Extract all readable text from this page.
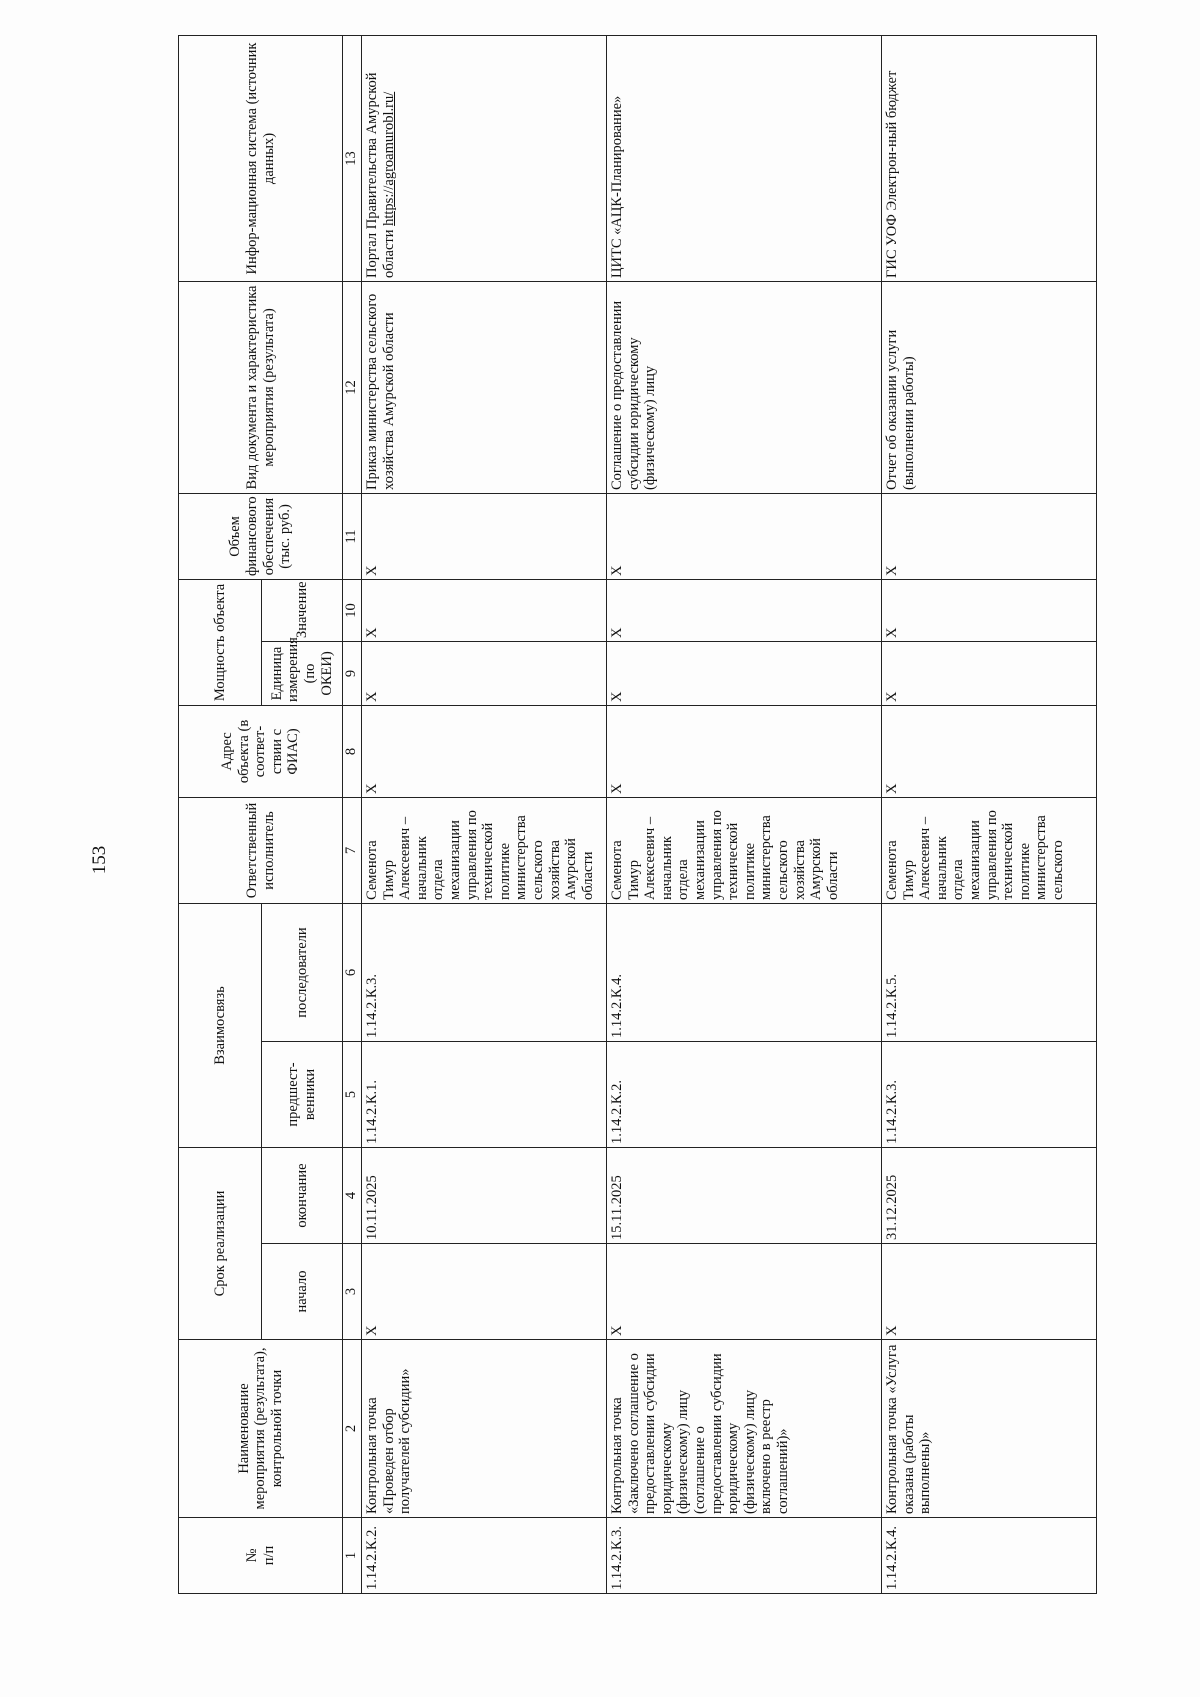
153
№
п/п	Наименование мероприятия (результата), контрольной точки	Срок реализации		Взаимосвязь		Ответственный исполнитель	Адрес объекта (в соответ-ствии с ФИАС)	Мощность объекта		Объем финансового обеспечения (тыс. руб.)	Вид документа и характеристика мероприятия (результата)	Инфор-мационная система (источник данных)
		начало	окончание	предшест-венники	последователи			Единица измерения (по ОКЕИ)	Значение			
1	2	3	4	5	6	7	8	9	10	11	12	13
1.14.2.К.2.	Контрольная точка «Проведен отбор получателей субсидии»	X	10.11.2025	1.14.2.К.1.	1.14.2.К.3.	Семенота Тимур Алексеевич – начальник отдела механизации управления по технической политике министерства сельского хозяйства Амурской области	X	X	X	X	Приказ министерства сельского хозяйства Амурской области	Портал Правительства Амурской области https://agroamurobl.ru/
1.14.2.К.3.	Контрольная точка «Заключено соглашение о предоставлении субсидии юридическому (физическому) лицу (соглашение о предоставлении субсидии юридическому (физическому) лицу включено в реестр соглашений)»	X	15.11.2025	1.14.2.К.2.	1.14.2.К.4.	Семенота Тимур Алексеевич – начальник отдела механизации управления по технической политике министерства сельского хозяйства Амурской области	X	X	X	X	Соглашение о предоставлении субсидии юридическому (физическому) лицу	ЦИТС «АЦК-Планирование»
1.14.2.К.4.	Контрольная точка «Услуга оказана (работы выполнены)»	X	31.12.2025	1.14.2.К.3.	1.14.2.К.5.	Семенота Тимур Алексеевич – начальник отдела механизации управления по технической политике министерства сельского	X	X	X	X	Отчет об оказании услуги (выполнении работы)	ГИС УОФ Электрон-ный бюджет
